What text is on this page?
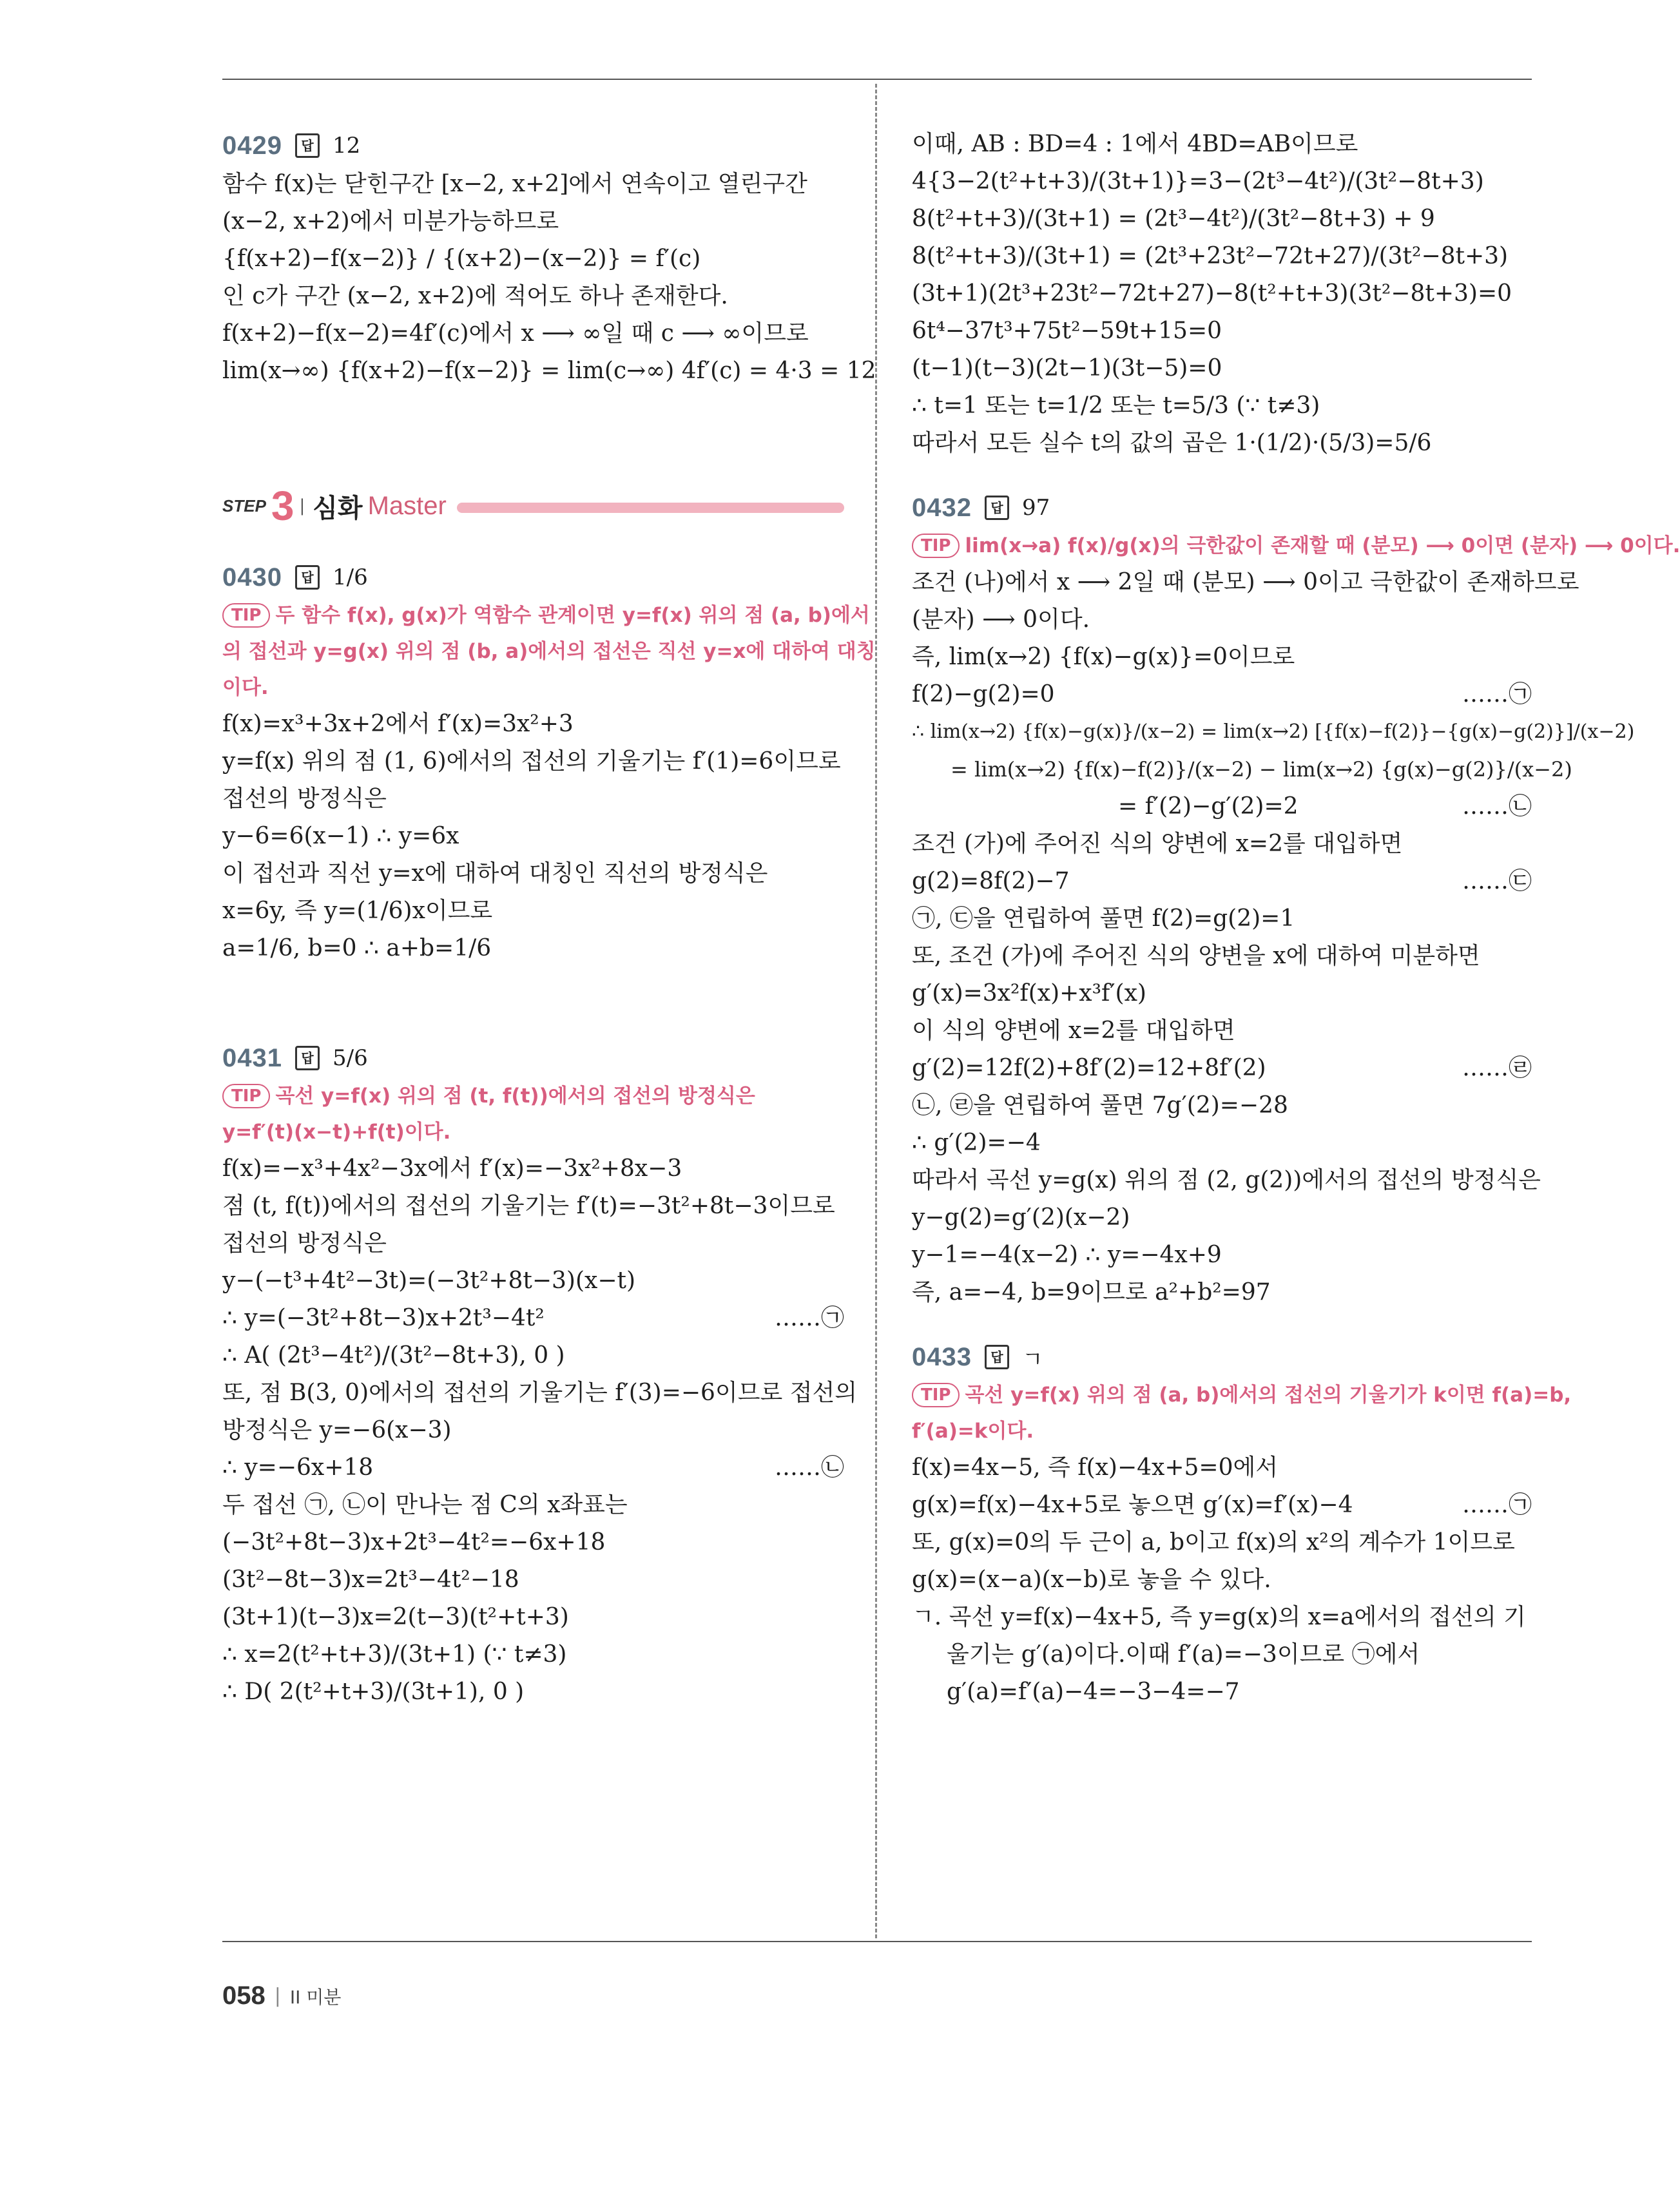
0429	답 12
함수 f(x)는 닫힌구간 [x−2, x+2]에서 연속이고 열린구간
(x−2, x+2)에서 미분가능하므로
{f(x+2)−f(x−2)} / {(x+2)−(x−2)} = f′(c)
인 c가 구간 (x−2, x+2)에 적어도 하나 존재한다.
f(x+2)−f(x−2)=4f′(c)에서 x ⟶ ∞일 때 c ⟶ ∞이므로
lim(x→∞) {f(x+2)−f(x−2)} = lim(c→∞) 4f′(c) = 4·3 = 12
STEP 3 | 심화 Master
0430	답 1/6
TIP 두 함수 f(x), g(x)가 역함수 관계이면 y=f(x) 위의 점 (a, b)에서
의 접선과 y=g(x) 위의 점 (b, a)에서의 접선은 직선 y=x에 대하여 대칭
이다.
f(x)=x³+3x+2에서 f′(x)=3x²+3
y=f(x) 위의 점 (1, 6)에서의 접선의 기울기는 f′(1)=6이므로
접선의 방정식은
y−6=6(x−1) ∴ y=6x
이 접선과 직선 y=x에 대하여 대칭인 직선의 방정식은
x=6y, 즉 y=(1/6)x이므로
a=1/6, b=0 ∴ a+b=1/6
0431	답 5/6
TIP 곡선 y=f(x) 위의 점 (t, f(t))에서의 접선의 방정식은
y=f′(t)(x−t)+f(t)이다.
f(x)=−x³+4x²−3x에서 f′(x)=−3x²+8x−3
점 (t, f(t))에서의 접선의 기울기는 f′(t)=−3t²+8t−3이므로
접선의 방정식은
y−(−t³+4t²−3t)=(−3t²+8t−3)(x−t)
∴ y=(−3t²+8t−3)x+2t³−4t²	……㉠
∴ A( (2t³−4t²)/(3t²−8t+3), 0 )
또, 점 B(3, 0)에서의 접선의 기울기는 f′(3)=−6이므로 접선의
방정식은 y=−6(x−3)
∴ y=−6x+18	……㉡
두 접선 ㉠, ㉡이 만나는 점 C의 x좌표는
(−3t²+8t−3)x+2t³−4t²=−6x+18
(3t²−8t−3)x=2t³−4t²−18
(3t+1)(t−3)x=2(t−3)(t²+t+3)
∴ x=2(t²+t+3)/(3t+1) (∵ t≠3)
∴ D( 2(t²+t+3)/(3t+1), 0 )
이때, AB : BD=4 : 1에서 4BD=AB이므로
4{3−2(t²+t+3)/(3t+1)}=3−(2t³−4t²)/(3t²−8t+3)
8(t²+t+3)/(3t+1) = (2t³−4t²)/(3t²−8t+3) + 9
8(t²+t+3)/(3t+1) = (2t³+23t²−72t+27)/(3t²−8t+3)
(3t+1)(2t³+23t²−72t+27)−8(t²+t+3)(3t²−8t+3)=0
6t⁴−37t³+75t²−59t+15=0
(t−1)(t−3)(2t−1)(3t−5)=0
∴ t=1 또는 t=1/2 또는 t=5/3 (∵ t≠3)
따라서 모든 실수 t의 값의 곱은 1·(1/2)·(5/3)=5/6
0432	답 97
TIP lim(x→a) f(x)/g(x)의 극한값이 존재할 때 (분모) ⟶ 0이면 (분자) ⟶ 0이다.
조건 (나)에서 x ⟶ 2일 때 (분모) ⟶ 0이고 극한값이 존재하므로
(분자) ⟶ 0이다.
즉, lim(x→2) {f(x)−g(x)}=0이므로
f(2)−g(2)=0	……㉠
∴ lim(x→2) {f(x)−g(x)}/(x−2) = lim(x→2) [{f(x)−f(2)}−{g(x)−g(2)}]/(x−2)
= lim(x→2) {f(x)−f(2)}/(x−2) − lim(x→2) {g(x)−g(2)}/(x−2)
= f′(2)−g′(2)=2	……㉡
조건 (가)에 주어진 식의 양변에 x=2를 대입하면
g(2)=8f(2)−7	……㉢
㉠, ㉢을 연립하여 풀면 f(2)=g(2)=1
또, 조건 (가)에 주어진 식의 양변을 x에 대하여 미분하면
g′(x)=3x²f(x)+x³f′(x)
이 식의 양변에 x=2를 대입하면
g′(2)=12f(2)+8f′(2)=12+8f′(2)	……㉣
㉡, ㉣을 연립하여 풀면 7g′(2)=−28
∴ g′(2)=−4
따라서 곡선 y=g(x) 위의 점 (2, g(2))에서의 접선의 방정식은
y−g(2)=g′(2)(x−2)
y−1=−4(x−2) ∴ y=−4x+9
즉, a=−4, b=9이므로 a²+b²=97
0433	답 ㄱ
TIP 곡선 y=f(x) 위의 점 (a, b)에서의 접선의 기울기가 k이면 f(a)=b,
f′(a)=k이다.
f(x)=4x−5, 즉 f(x)−4x+5=0에서
g(x)=f(x)−4x+5로 놓으면 g′(x)=f′(x)−4	……㉠
또, g(x)=0의 두 근이 a, b이고 f(x)의 x²의 계수가 1이므로
g(x)=(x−a)(x−b)로 놓을 수 있다.
ㄱ. 곡선 y=f(x)−4x+5, 즉 y=g(x)의 x=a에서의 접선의 기
울기는 g′(a)이다.이때 f′(a)=−3이므로 ㉠에서
g′(a)=f′(a)−4=−3−4=−7
058 | II 미분
